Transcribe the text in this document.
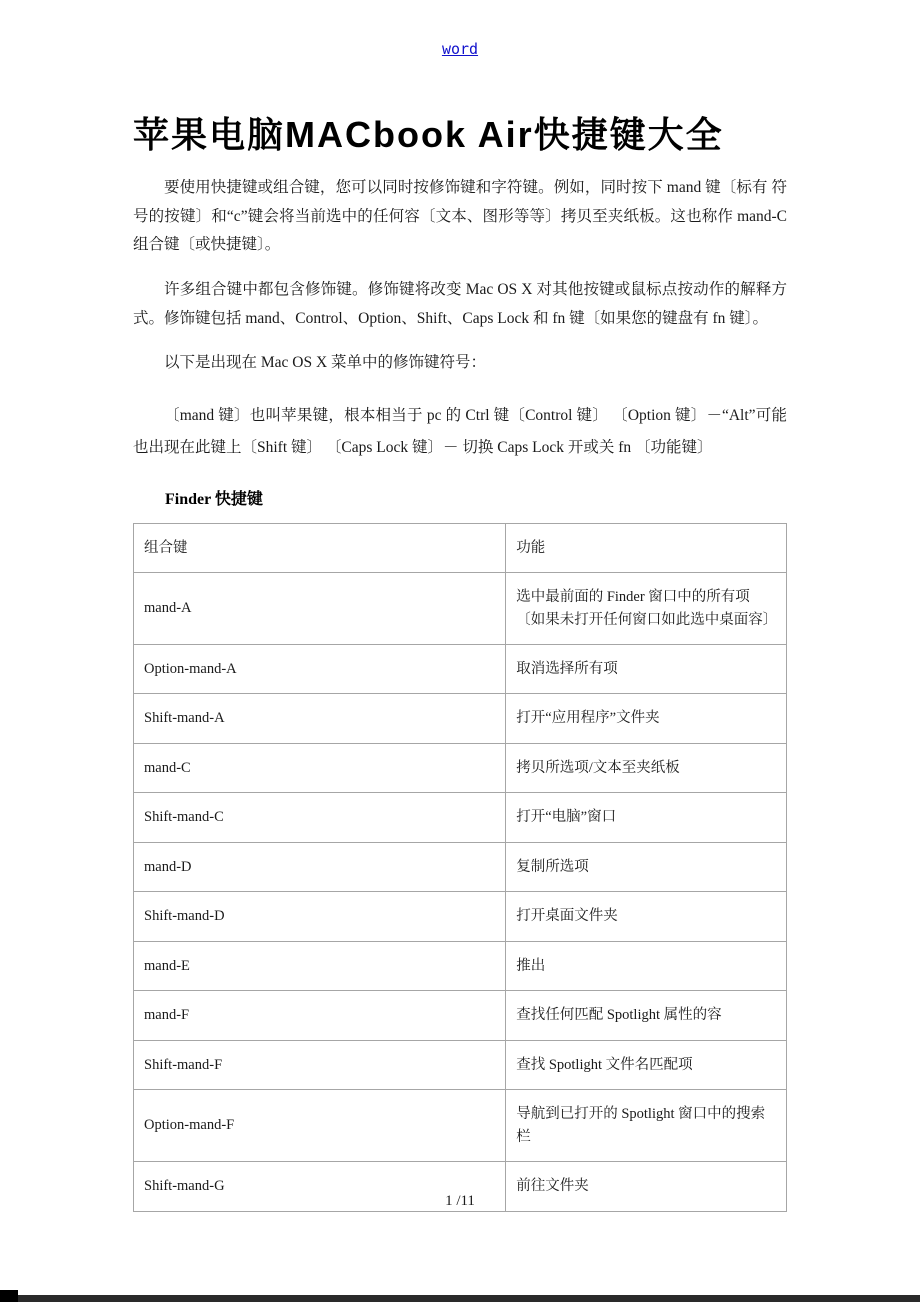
word
苹果电脑MACbook Air快捷键大全

要使用快捷键或组合键，您可以同时按修饰键和字符键。例如，同时按下 mand 键〔标有 符号的按键〕和“c”键会将当前选中的任何容〔文本、图形等等〕拷贝至夹纸板。这也称作 mand-C 组合键〔或快捷键〕。

许多组合键中都包含修饰键。修饰键将改变 Mac OS X 对其他按键或鼠标点按动作的解释方式。修饰键包括 mand、Control、Option、Shift、Caps Lock 和 fn 键〔如果您的键盘有 fn 键〕。

以下是出现在 Mac OS X 菜单中的修饰键符号：

〔mand 键〕也叫苹果键，根本相当于 pc 的 Ctrl 键〔Control 键〕 〔Option 键〕－“Alt”可能也出现在此键上〔Shift 键〕 〔Caps Lock 键〕－ 切换 Caps Lock 开或关 fn 〔功能键〕

Finder 快捷键
组合键	功能
mand-A	选中最前面的 Finder 窗口中的所有项〔如果未打开任何窗口如此选中桌面容〕
Option-mand-A	取消选择所有项
Shift-mand-A	打开“应用程序”文件夹
mand-C	拷贝所选项/文本至夹纸板
Shift-mand-C	打开“电脑”窗口
mand-D	复制所选项
Shift-mand-D	打开桌面文件夹
mand-E	推出
mand-F	查找任何匹配 Spotlight 属性的容
Shift-mand-F	查找 Spotlight 文件名匹配项
Option-mand-F	导航到已打开的 Spotlight 窗口中的搜索栏
Shift-mand-G	前往文件夹
1 /11
